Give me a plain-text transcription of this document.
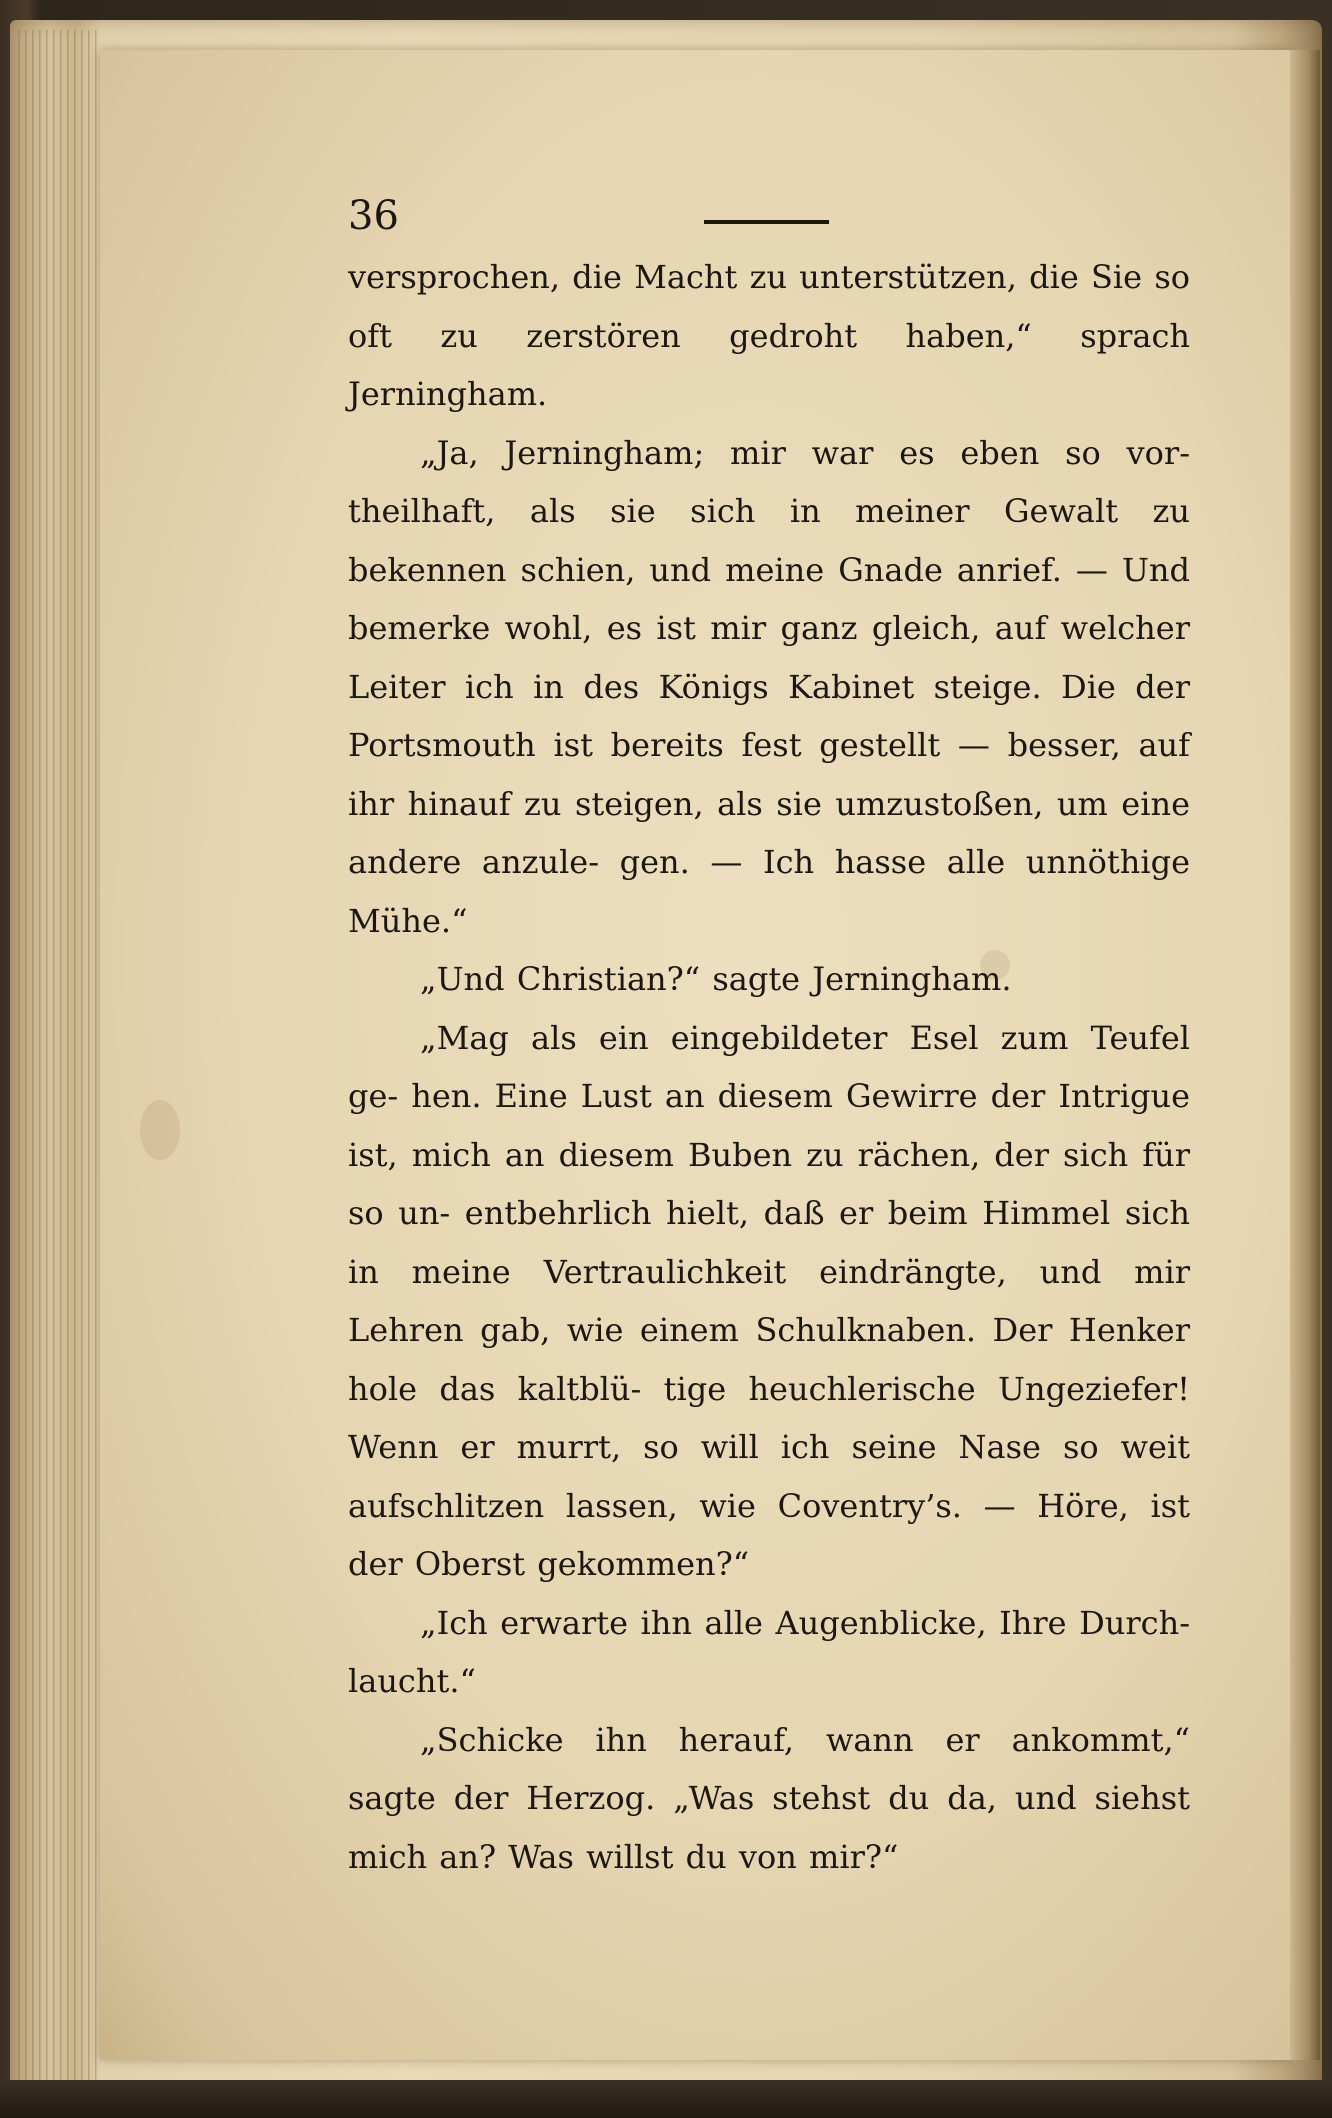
36

versprochen, die Macht zu unterstützen, die Sie so oft zu zerstören gedroht haben,“ sprach Jerningham.

„Ja, Jerningham; mir war es eben so vor- theilhaft, als sie sich in meiner Gewalt zu bekennen schien, und meine Gnade anrief. — Und bemerke wohl, es ist mir ganz gleich, auf welcher Leiter ich in des Königs Kabinet steige. Die der Portsmouth ist bereits fest gestellt — besser, auf ihr hinauf zu steigen, als sie umzustoßen, um eine andere anzule- gen. — Ich hasse alle unnöthige Mühe.“

„Und Christian?“ sagte Jerningham.

„Mag als ein eingebildeter Esel zum Teufel ge- hen. Eine Lust an diesem Gewirre der Intrigue ist, mich an diesem Buben zu rächen, der sich für so un- entbehrlich hielt, daß er beim Himmel sich in meine Vertraulichkeit eindrängte, und mir Lehren gab, wie einem Schulknaben. Der Henker hole das kaltblü- tige heuchlerische Ungeziefer! Wenn er murrt, so will ich seine Nase so weit aufschlitzen lassen, wie Coventry’s. — Höre, ist der Oberst gekommen?“

„Ich erwarte ihn alle Augenblicke, Ihre Durch- laucht.“

„Schicke ihn herauf, wann er ankommt,“ sagte der Herzog. „Was stehst du da, und siehst mich an? Was willst du von mir?“
